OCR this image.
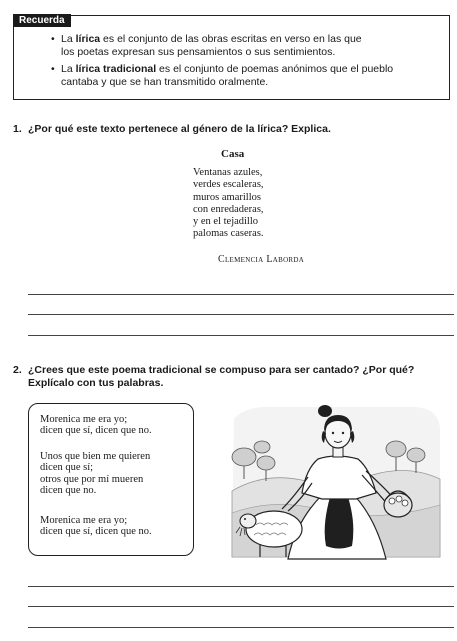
Recuerda
• La lírica es el conjunto de las obras escritas en verso en las que
los poetas expresan sus pensamientos o sus sentimientos.
• La lírica tradicional es el conjunto de poemas anónimos que el pueblo
cantaba y que se han transmitido oralmente.
1. ¿Por qué este texto pertenece al género de la lírica? Explica.
Casa
Ventanas azules,
verdes escaleras,
muros amarillos
con enredaderas,
y en el tejadillo
palomas caseras.
Clemencia Laborda
2. ¿Crees que este poema tradicional se compuso para ser cantado? ¿Por qué?
Explícalo con tus palabras.
Morenica me era yo;
dicen que sí, dicen que no.
Unos que bien me quieren
dicen que sí;
otros que por mí mueren
dicen que no.
Morenica me era yo;
dicen que sí, dicen que no.
